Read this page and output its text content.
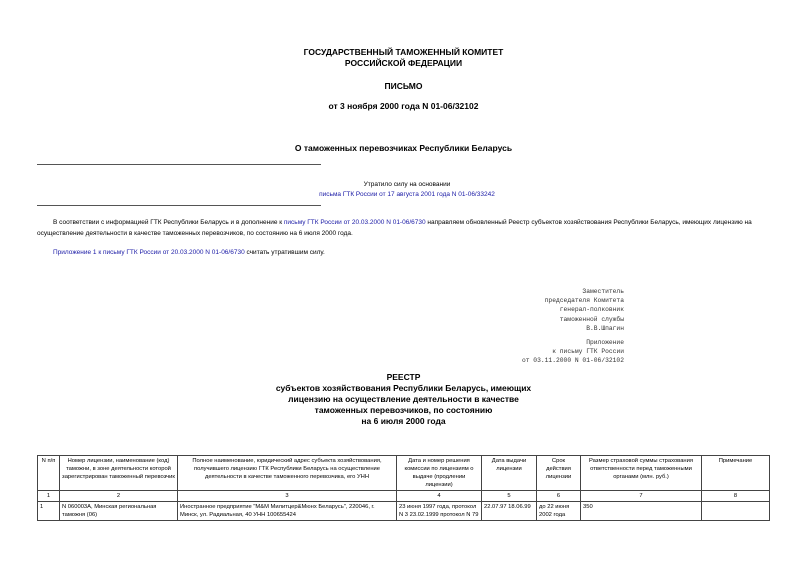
ГОСУДАРСТВЕННЫЙ ТАМОЖЕННЫЙ КОМИТЕТ
РОССИЙСКОЙ ФЕДЕРАЦИИ
ПИСЬМО
от 3 ноября 2000 года N 01-06/32102
О таможенных перевозчиках Республики Беларусь
Утратило силу на основании
письма ГТК России от 17 августа 2001 года N 01-06/33242
В соответствии с информацией ГТК Республики Беларусь и в дополнение к письму ГТК России от 20.03.2000 N 01-06/6730 направляем обновленный Реестр субъектов хозяйствования Республики Беларусь, имеющих лицензию на осуществление деятельности в качестве таможенных перевозчиков, по состоянию на 6 июля 2000 года.
Приложение 1 к письму ГТК России от 20.03.2000 N 01-06/6730 считать утратившим силу.
Заместитель
председателя Комитета
генерал-полковник
таможенной службы
В.В.Шпагин
Приложение
к письму ГТК России
от 03.11.2000 N 01-06/32102
РЕЕСТР
субъектов хозяйствования Республики Беларусь, имеющих
лицензию на осуществление деятельности в качестве
таможенных перевозчиков, по состоянию
на 6 июля 2000 года
N п/п	Номер лицензии, наименование (код) таможни, в зоне деятельности которой зарегистрирован таможенный перевозчик	Полное наименование, юридический адрес субъекта хозяйствования, получившего лицензию ГТК Республики Беларусь на осуществление деятельности в качестве таможенного перевозчика, его УНН	Дата и номер решения комиссии по лицензиям о выдаче (продлении лицензии)	Дата выдачи лицензии	Срок действия лицензии	Размер страховой суммы страхования ответственности перед таможенными органами (млн. руб.)	Примечание
1	2	3	4	5	6	7	8
1	N 060003А, Минская региональная таможня (06)	Иностранное предприятие "М&М Милитцер&Мюнх Беларусь", 220046, г. Минск, ул. Радиальная, 40 УНН 100655424	23 июня 1997 года, протокол N 3 23.02.1999 протокол N 79	22.07.97 18.06.99	до 22 июня 2002 года	350	
